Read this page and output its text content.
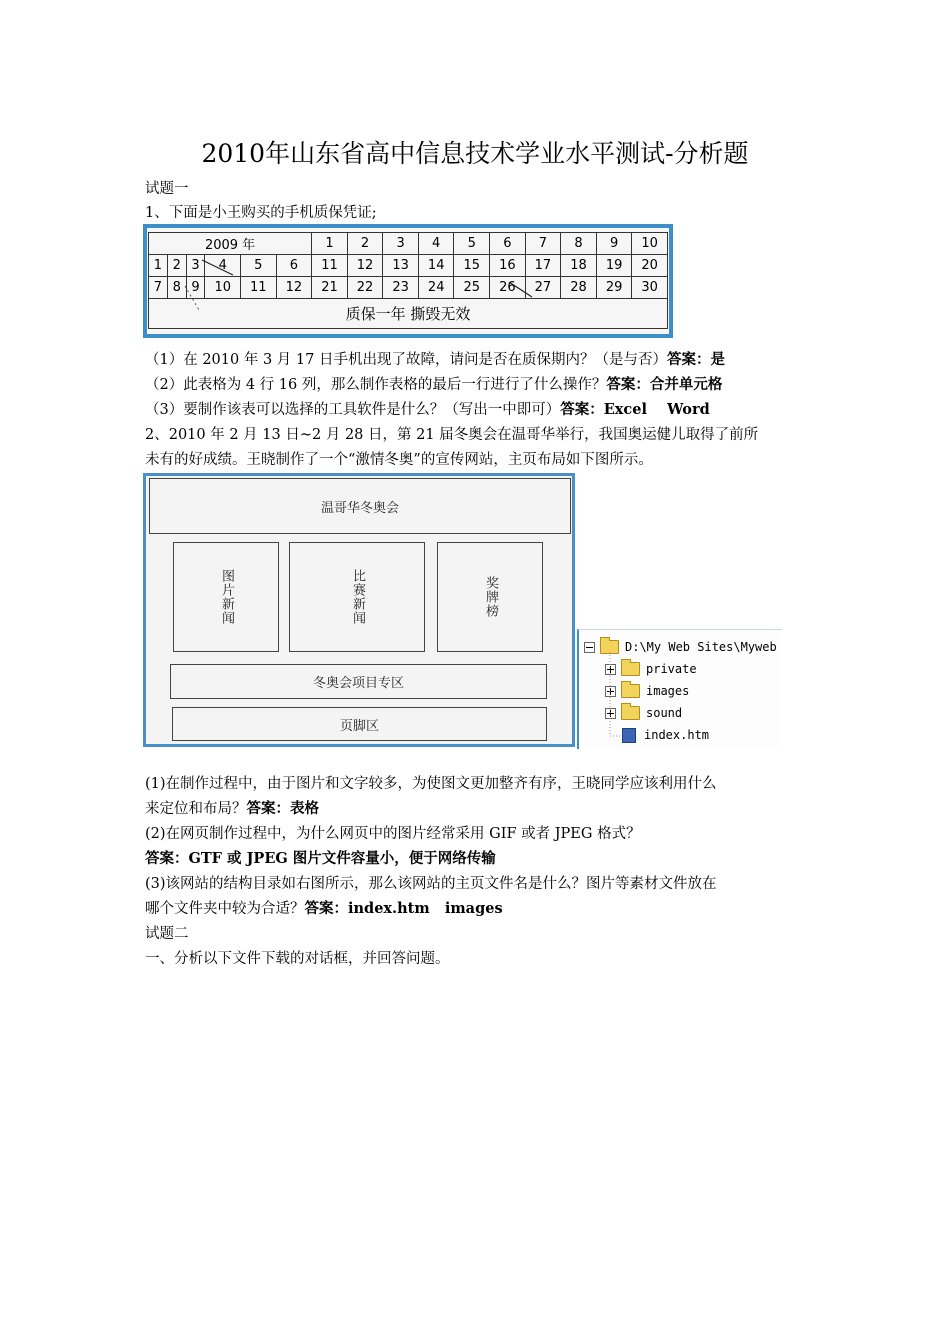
2010年山东省高中信息技术学业水平测试-分析题
试题一
1、下面是小王购买的手机质保凭证;
2009 年						1	2	3	4	5	6	7	8	9	10
1	2	3	4	5	6	11	12	13	14	15	16	17	18	19	20
7	8	9	10	11	12	21	22	23	24	25	26	27	28	29	30
质保一年 撕毁无效															
（1）在 2010 年 3 月 17 日手机出现了故障，请问是否在质保期内？（是与否）答案：是
（2）此表格为 4 行 16 列，那么制作表格的最后一行进行了什么操作？答案：合并单元格
（3）要制作该表可以选择的工具软件是什么？（写出一中即可）答案：Excel    Word
2、2010 年 2 月 13 日~2 月 28 日，第 21 届冬奥会在温哥华举行，我国奥运健儿取得了前所
未有的好成绩。王晓制作了一个“激情冬奥”的宣传网站，主页布局如下图所示。
温哥华冬奥会
图片新闻	比赛新闻	奖牌榜
冬奥会项目专区
页脚区
D:\My Web Sites\Myweb
private
images
sound
index.htm
(1)在制作过程中，由于图片和文字较多，为使图文更加整齐有序，王晓同学应该利用什么
来定位和布局？答案：表格
(2)在网页制作过程中，为什么网页中的图片经常采用 GIF 或者 JPEG 格式？
答案：GTF 或 JPEG 图片文件容量小，便于网络传输
(3)该网站的结构目录如右图所示，那么该网站的主页文件名是什么？图片等素材文件放在
哪个文件夹中较为合适？答案：index.htm   images
试题二
一、分析以下文件下载的对话框，并回答问题。
